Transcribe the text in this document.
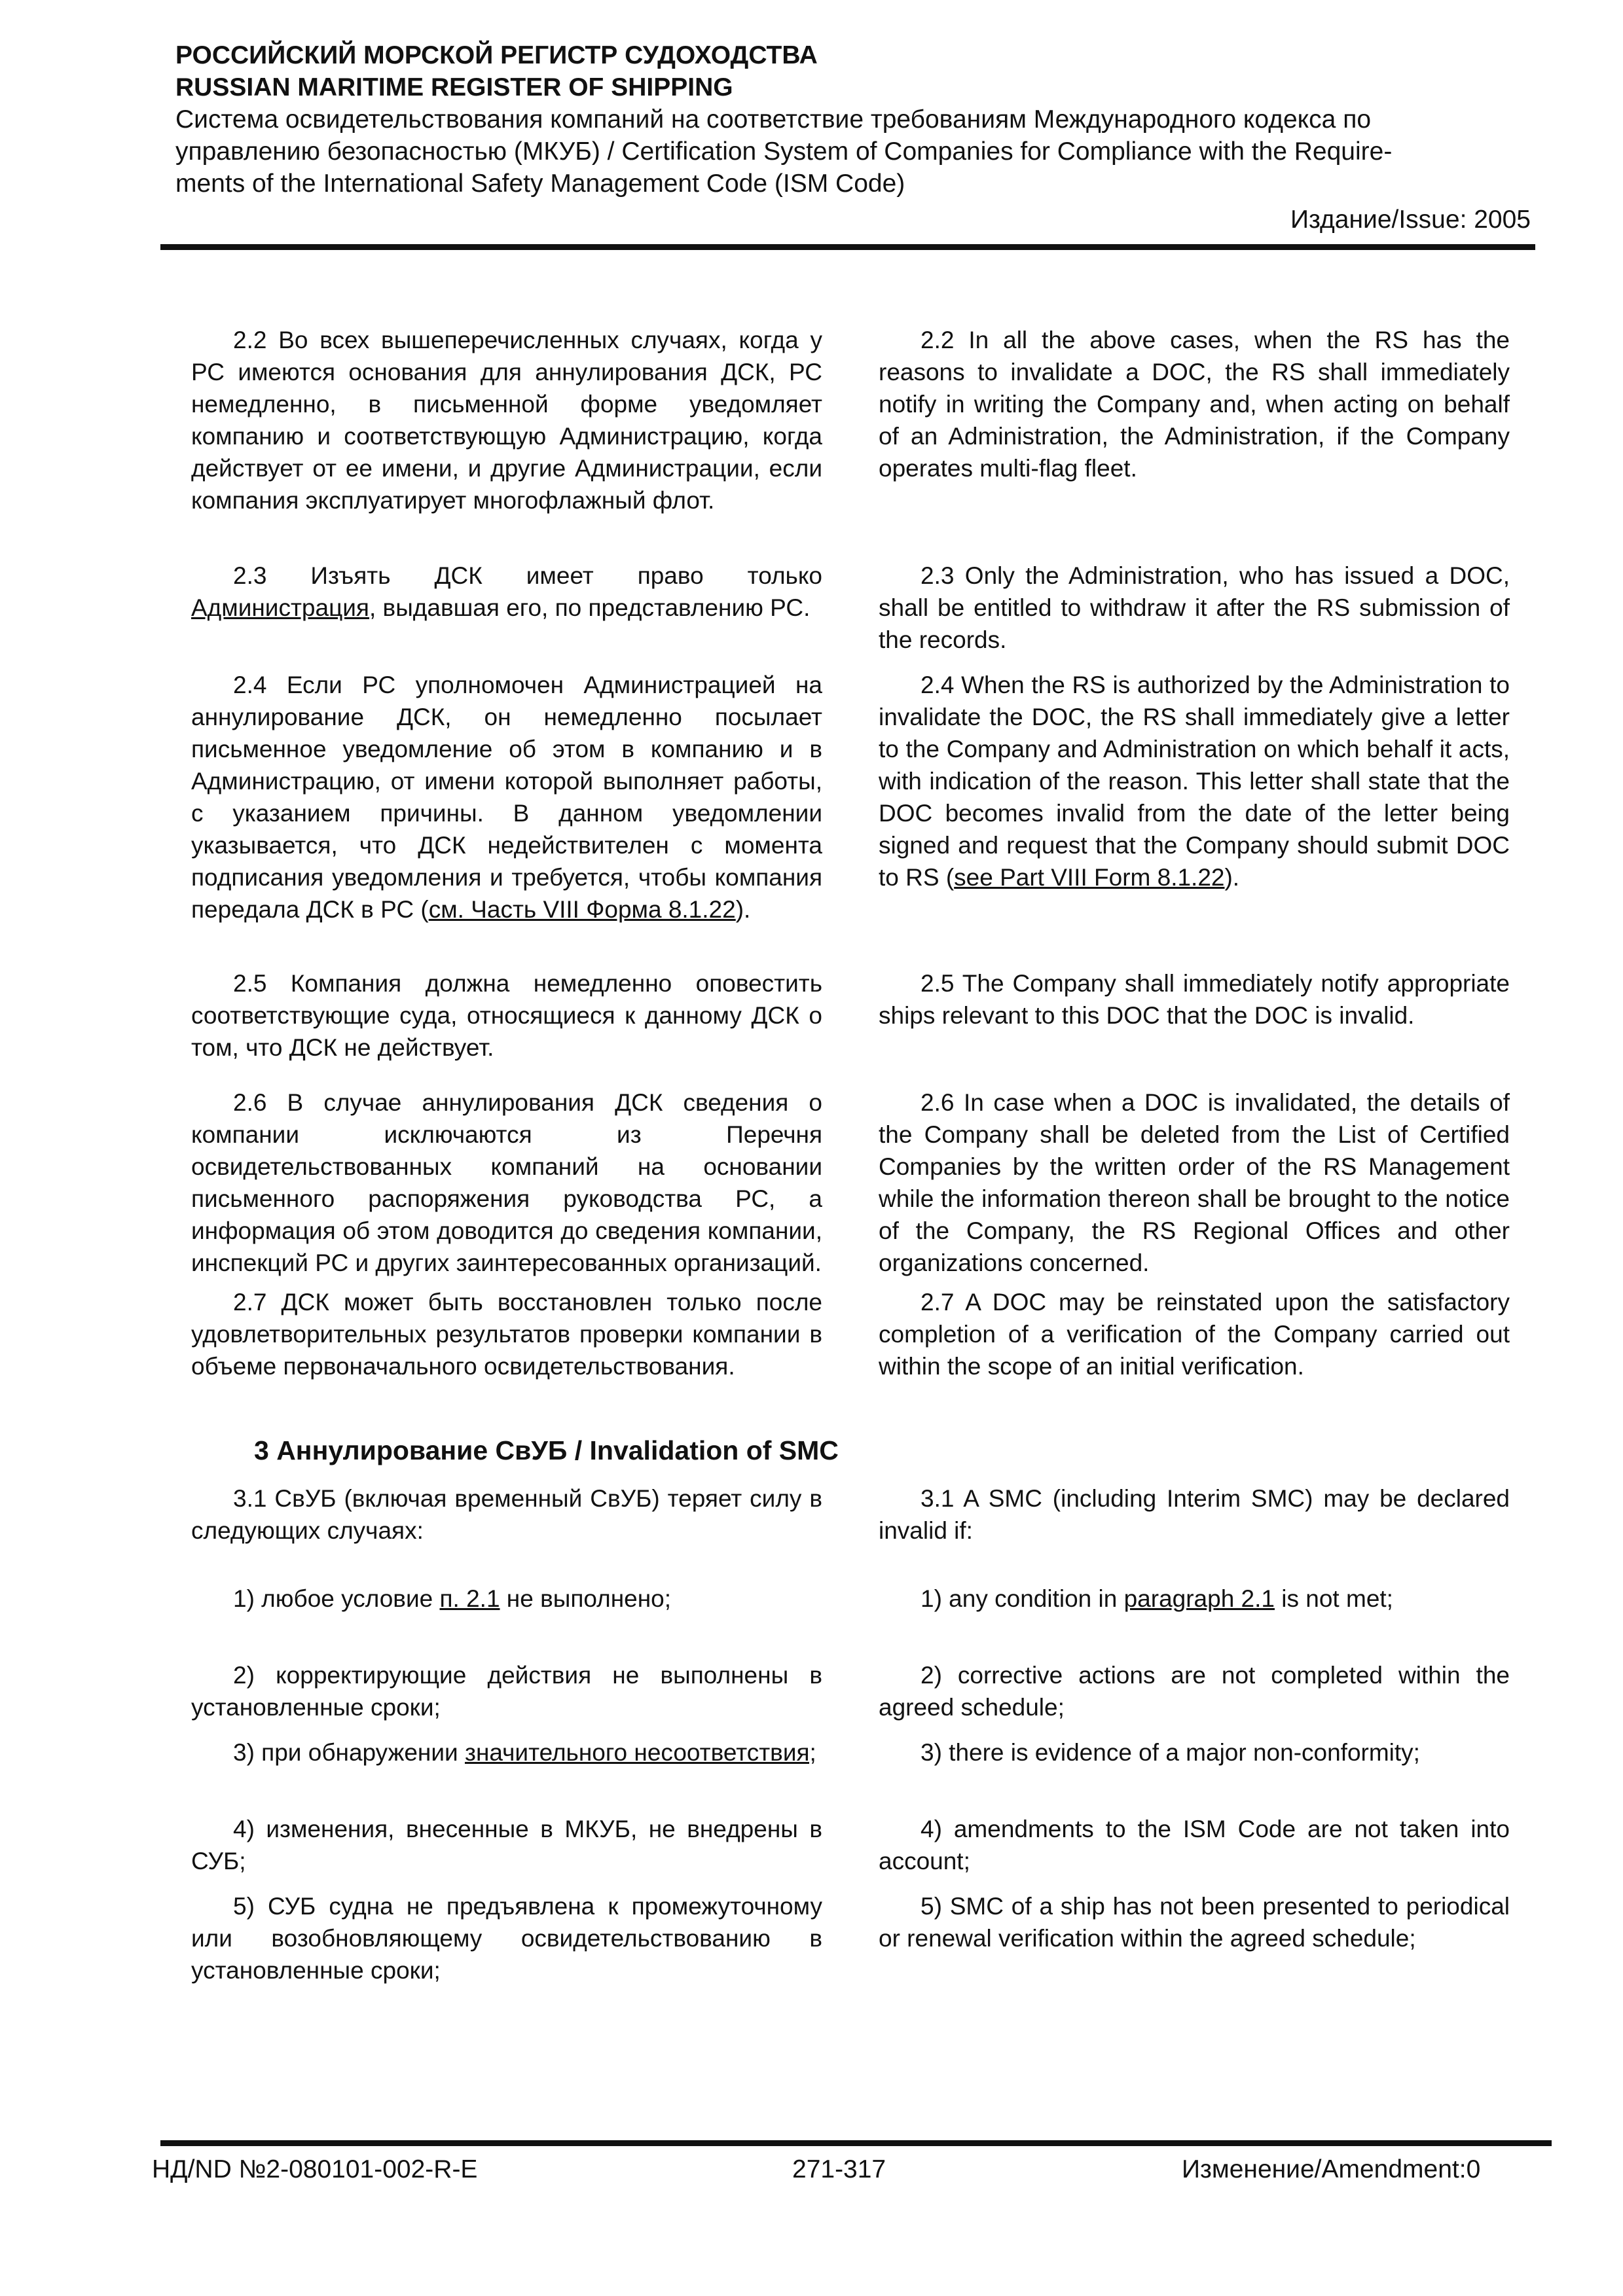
РОССИЙСКИЙ МОРСКОЙ РЕГИСТР СУДОХОДСТВА

RUSSIAN MARITIME REGISTER OF SHIPPING

Система освидетельствования компаний на соответствие требованиям Международного кодекса по

управлению безопасностью (МКУБ) / Certification System of Companies for Compliance with the Require-

ments of the International Safety Management Code (ISM Code)

Издание/Issue: 2005

2.2 Во всех вышеперечисленных случаях, когда у РС имеются основания для аннулирования ДСК, РС немедленно, в письменной форме уведомляет компанию и соответствующую Администрацию, когда действует от ее имени, и другие Администрации, если компания эксплуатирует многофлажный флот.

2.2 In all the above cases, when the RS has the reasons to invalidate a DOC, the RS shall immediately notify in writing the Company and, when acting on behalf of an Administration, the Administration, if the Company operates multi-flag fleet.

2.3 Изъять ДСК имеет право только Администрация, выдавшая его, по представлению РС.

2.3 Only the Administration, who has issued a DOC, shall be entitled to withdraw it after the RS submission of the records.

2.4 Если РС уполномочен Администрацией на аннулирование ДСК, он немедленно посылает письменное уведомление об этом в компанию и в Администрацию, от имени которой выполняет работы, с указанием причины. В данном уведомлении указывается, что ДСК недействителен с момента подписания уведомления и требуется, чтобы компания передала ДСК в РС (см. Часть VIII Форма 8.1.22).

2.4 When the RS is authorized by the Administration to invalidate the DOC, the RS shall immediately give a letter to the Company and Administration on which behalf it acts, with indication of the reason. This letter shall state that the DOC becomes invalid from the date of the letter being signed and request that the Company should submit DOC to RS (see Part VIII Form 8.1.22).

2.5 Компания должна немедленно оповестить соответствующие суда, относящиеся к данному ДСК о том, что ДСК не действует.

2.5 The Company shall immediately notify appropriate ships relevant to this DOC that the DOC is invalid.

2.6 В случае аннулирования ДСК сведения о компании исключаются из Перечня освидетельствованных компаний на основании письменного распоряжения руководства РС, а информация об этом доводится до сведения компании, инспекций РС и других заинтересованных организаций.

2.6 In case when a DOC is invalidated, the details of the Company shall be deleted from the List of Certified Companies by the written order of the RS Management while the information thereon shall be brought to the notice of the Company, the RS Regional Offices and other organizations concerned.

2.7 ДСК может быть восстановлен только после удовлетворительных результатов проверки компании в объеме первоначального освидетельствования.

2.7 A DOC may be reinstated upon the satisfactory completion of a verification of the Company carried out within the scope of an initial verification.

3 Аннулирование СвУБ / Invalidation of SMC

3.1 СвУБ (включая временный СвУБ) теряет силу в следующих случаях:

3.1 A SMC (including Interim SMC) may be declared invalid if:

1) любое условие п. 2.1 не выполнено;	1) any condition in paragraph 2.1 is not met;

2) корректирующие действия не выполнены в установленные сроки;

2) corrective actions are not completed within the agreed schedule;

3) при обнаружении значительного несоответствия;	3) there is evidence of a major non-conformity;

4) изменения, внесенные в МКУБ, не внедрены в СУБ;

4) amendments to the ISM Code are not taken into account;

5) СУБ судна не предъявлена к промежуточному или возобновляющему освидетельствованию в установленные сроки;

5) SMC of a ship has not been presented to periodical or renewal verification within the agreed schedule;

НД/ND №2-080101-002-R-E	271-317	Изменение/Amendment:0
